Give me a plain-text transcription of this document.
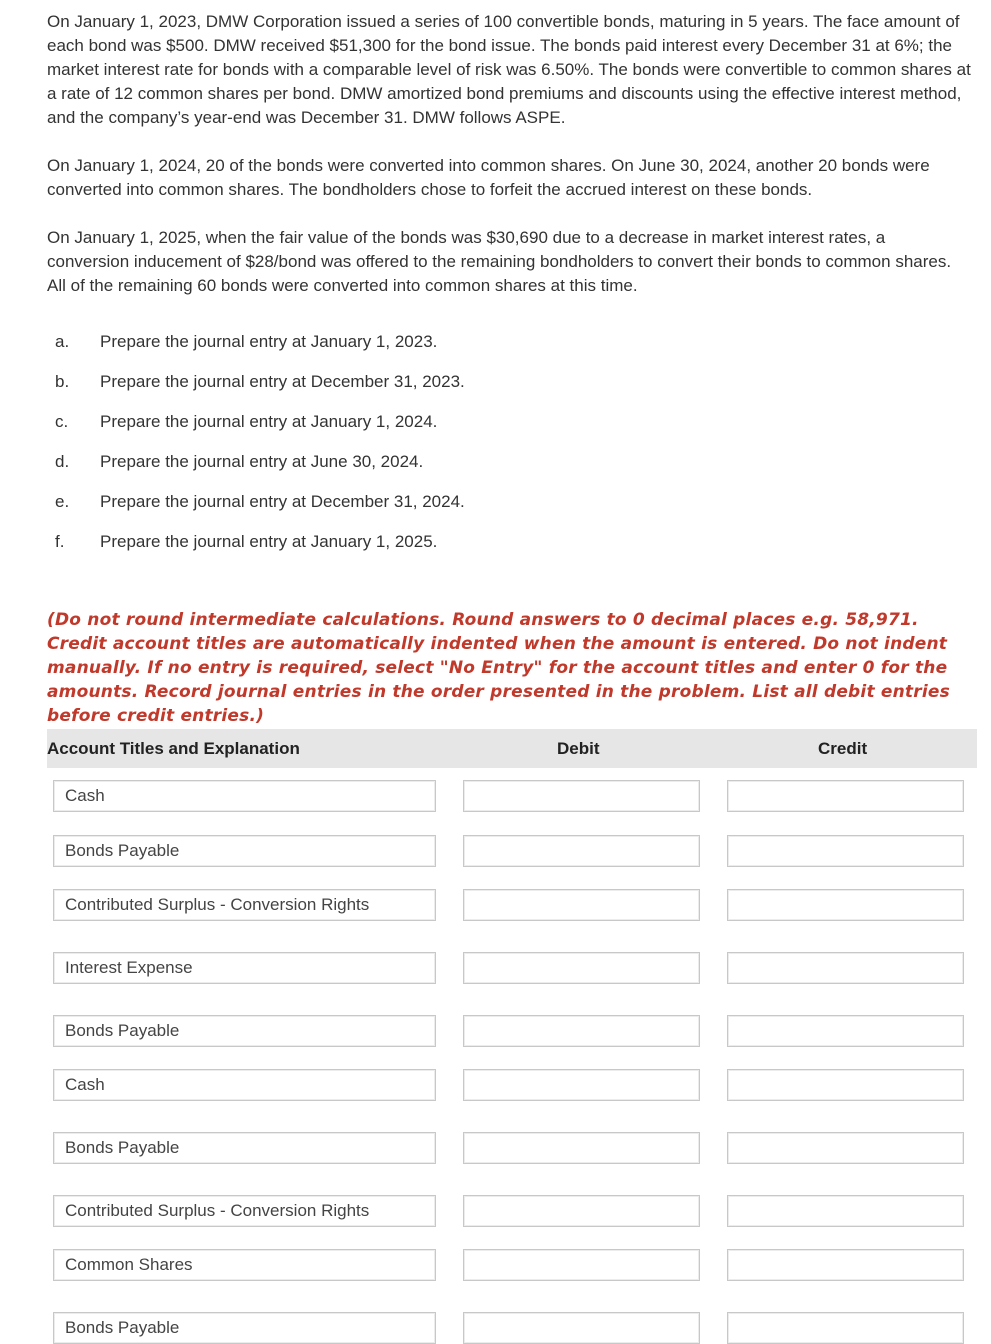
On January 1, 2023, DMW Corporation issued a series of 100 convertible bonds, maturing in 5 years. The face amount of each bond was $500. DMW received $51,300 for the bond issue. The bonds paid interest every December 31 at 6%; the market interest rate for bonds with a comparable level of risk was 6.50%. The bonds were convertible to common shares at a rate of 12 common shares per bond. DMW amortized bond premiums and discounts using the effective interest method, and the company’s year-end was December 31. DMW follows ASPE.
On January 1, 2024, 20 of the bonds were converted into common shares. On June 30, 2024, another 20 bonds were converted into common shares. The bondholders chose to forfeit the accrued interest on these bonds.
On January 1, 2025, when the fair value of the bonds was $30,690 due to a decrease in market interest rates, a conversion inducement of $28/bond was offered to the remaining bondholders to convert their bonds to common shares. All of the remaining 60 bonds were converted into common shares at this time.
a. Prepare the journal entry at January 1, 2023.
b. Prepare the journal entry at December 31, 2023.
c. Prepare the journal entry at January 1, 2024.
d. Prepare the journal entry at June 30, 2024.
e. Prepare the journal entry at December 31, 2024.
f. Prepare the journal entry at January 1, 2025.
(Do not round intermediate calculations. Round answers to 0 decimal places e.g. 58,971. Credit account titles are automatically indented when the amount is entered. Do not indent manually. If no entry is required, select "No Entry" for the account titles and enter 0 for the amounts. Record journal entries in the order presented in the problem. List all debit entries before credit entries.)
Account Titles and Explanation	Debit	Credit
Cash
Bonds Payable
Contributed Surplus - Conversion Rights
Interest Expense
Bonds Payable
Cash
Bonds Payable
Contributed Surplus - Conversion Rights
Common Shares
Bonds Payable
